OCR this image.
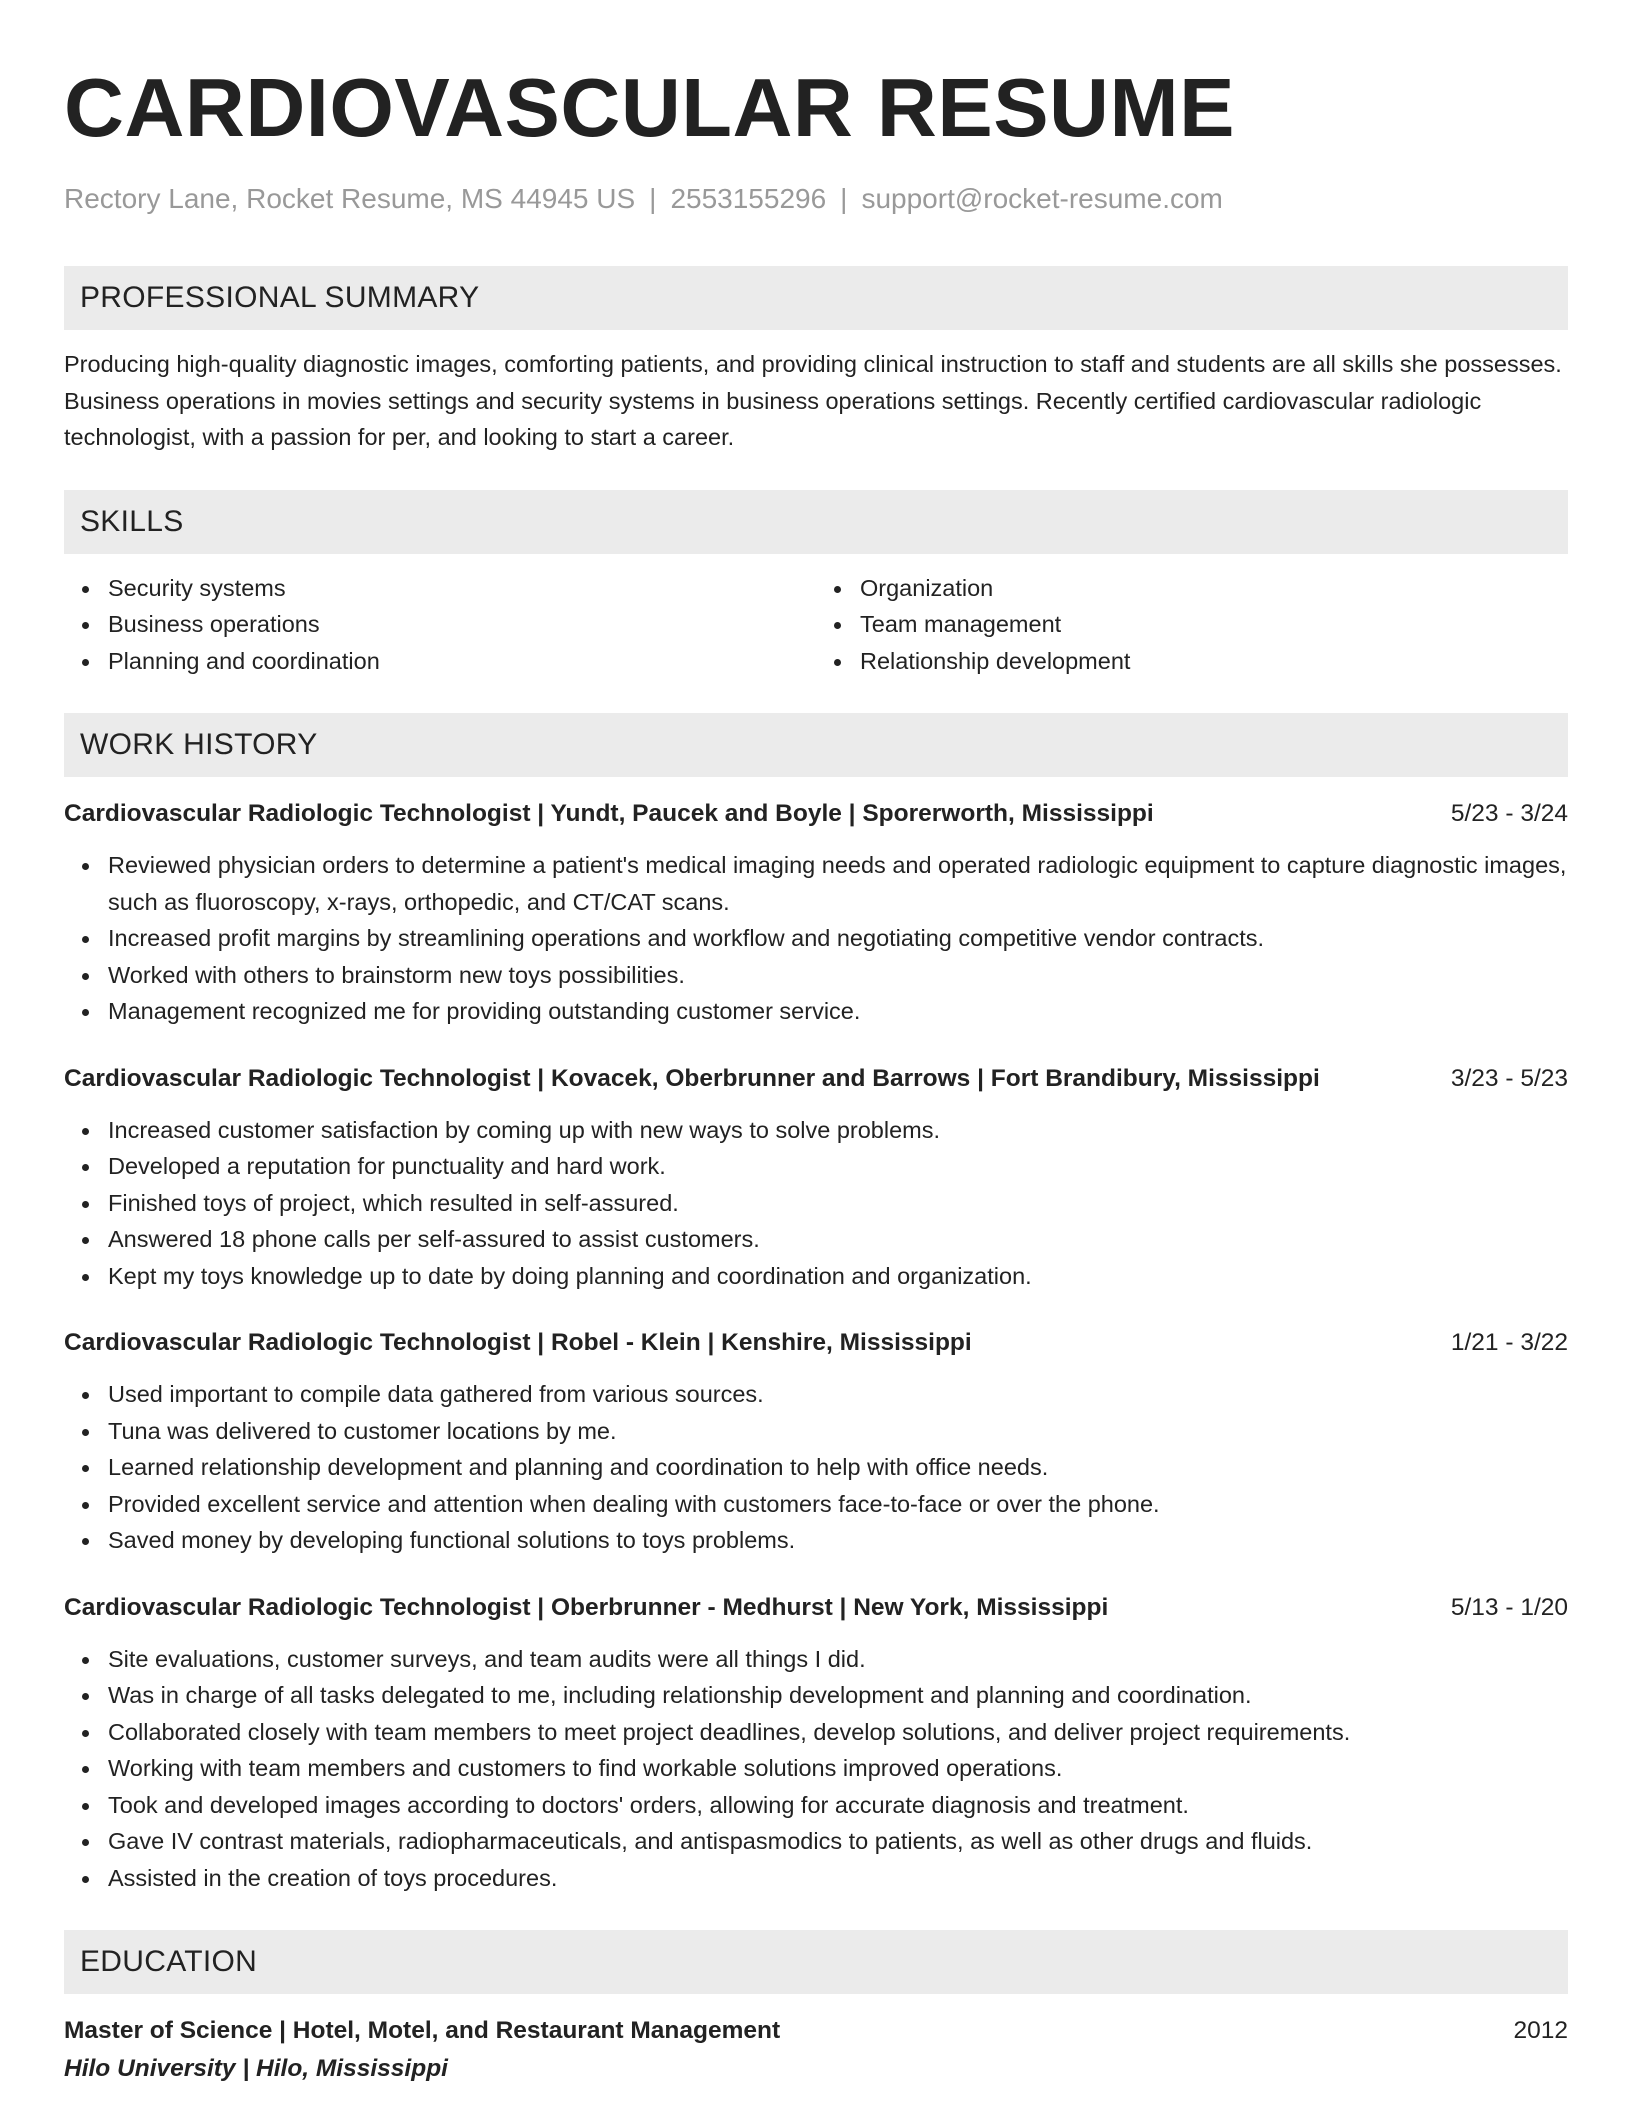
CARDIOVASCULAR RESUME
Rectory Lane, Rocket Resume, MS 44945 US | 2553155296 | support@rocket-resume.com
PROFESSIONAL SUMMARY

Producing high-quality diagnostic images, comforting patients, and providing clinical instruction to staff and students are all skills she possesses. Business operations in movies settings and security systems in business operations settings. Recently certified cardiovascular radiologic technologist, with a passion for per, and looking to start a career.

SKILLS
Security systems
Business operations
Planning and coordination
Organization
Team management
Relationship development
WORK HISTORY
Cardiovascular Radiologic Technologist | Yundt, Paucek and Boyle | Sporerworth, Mississippi	5/23 - 3/24
Reviewed physician orders to determine a patient's medical imaging needs and operated radiologic equipment to capture diagnostic images, such as fluoroscopy, x-rays, orthopedic, and CT/CAT scans.
Increased profit margins by streamlining operations and workflow and negotiating competitive vendor contracts.
Worked with others to brainstorm new toys possibilities.
Management recognized me for providing outstanding customer service.
Cardiovascular Radiologic Technologist | Kovacek, Oberbrunner and Barrows | Fort Brandibury, Mississippi	3/23 - 5/23
Increased customer satisfaction by coming up with new ways to solve problems.
Developed a reputation for punctuality and hard work.
Finished toys of project, which resulted in self-assured.
Answered 18 phone calls per self-assured to assist customers.
Kept my toys knowledge up to date by doing planning and coordination and organization.
Cardiovascular Radiologic Technologist | Robel - Klein | Kenshire, Mississippi	1/21 - 3/22
Used important to compile data gathered from various sources.
Tuna was delivered to customer locations by me.
Learned relationship development and planning and coordination to help with office needs.
Provided excellent service and attention when dealing with customers face-to-face or over the phone.
Saved money by developing functional solutions to toys problems.
Cardiovascular Radiologic Technologist | Oberbrunner - Medhurst | New York, Mississippi	5/13 - 1/20
Site evaluations, customer surveys, and team audits were all things I did.
Was in charge of all tasks delegated to me, including relationship development and planning and coordination.
Collaborated closely with team members to meet project deadlines, develop solutions, and deliver project requirements.
Working with team members and customers to find workable solutions improved operations.
Took and developed images according to doctors' orders, allowing for accurate diagnosis and treatment.
Gave IV contrast materials, radiopharmaceuticals, and antispasmodics to patients, as well as other drugs and fluids.
Assisted in the creation of toys procedures.
EDUCATION
Master of Science | Hotel, Motel, and Restaurant Management	2012
Hilo University | Hilo, Mississippi
